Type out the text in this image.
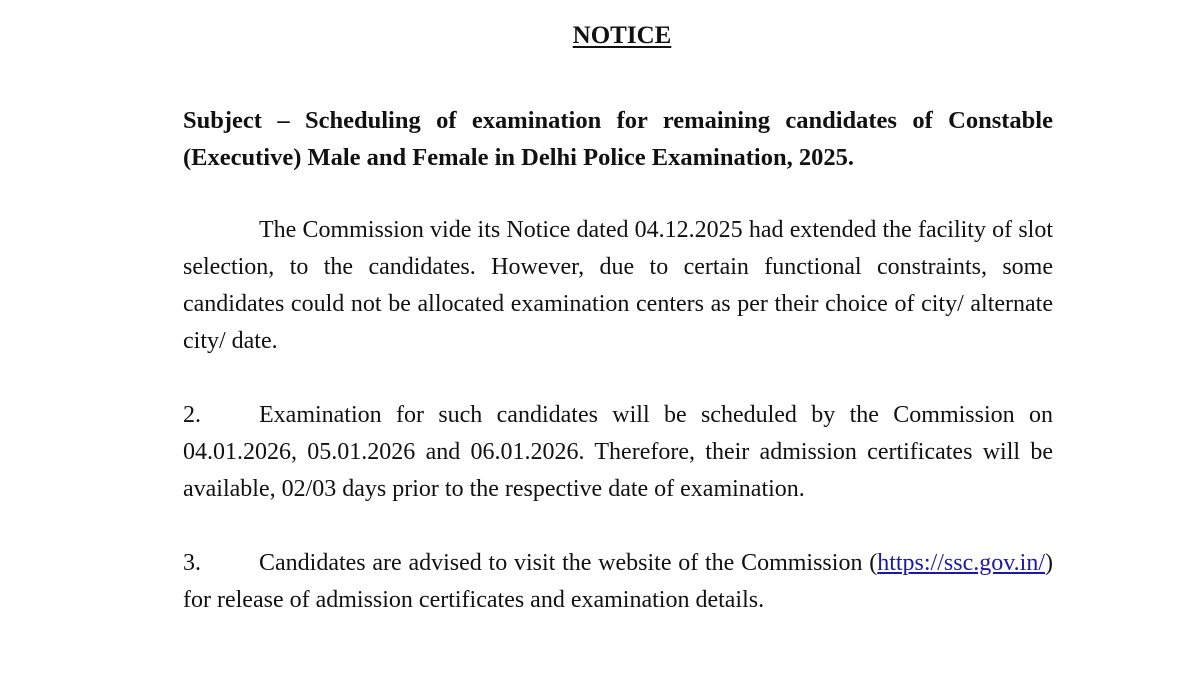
NOTICE
Subject – Scheduling of examination for remaining candidates of Constable (Executive) Male and Female in Delhi Police Examination, 2025.

The Commission vide its Notice dated 04.12.2025 had extended the facility of slot selection, to the candidates. However, due to certain functional constraints, some candidates could not be allocated examination centers as per their choice of city/ alternate city/ date.

2. Examination for such candidates will be scheduled by the Commission on 04.01.2026, 05.01.2026 and 06.01.2026. Therefore, their admission certificates will be available, 02/03 days prior to the respective date of examination.

3. Candidates are advised to visit the website of the Commission (https://ssc.gov.in/) for release of admission certificates and examination details.
